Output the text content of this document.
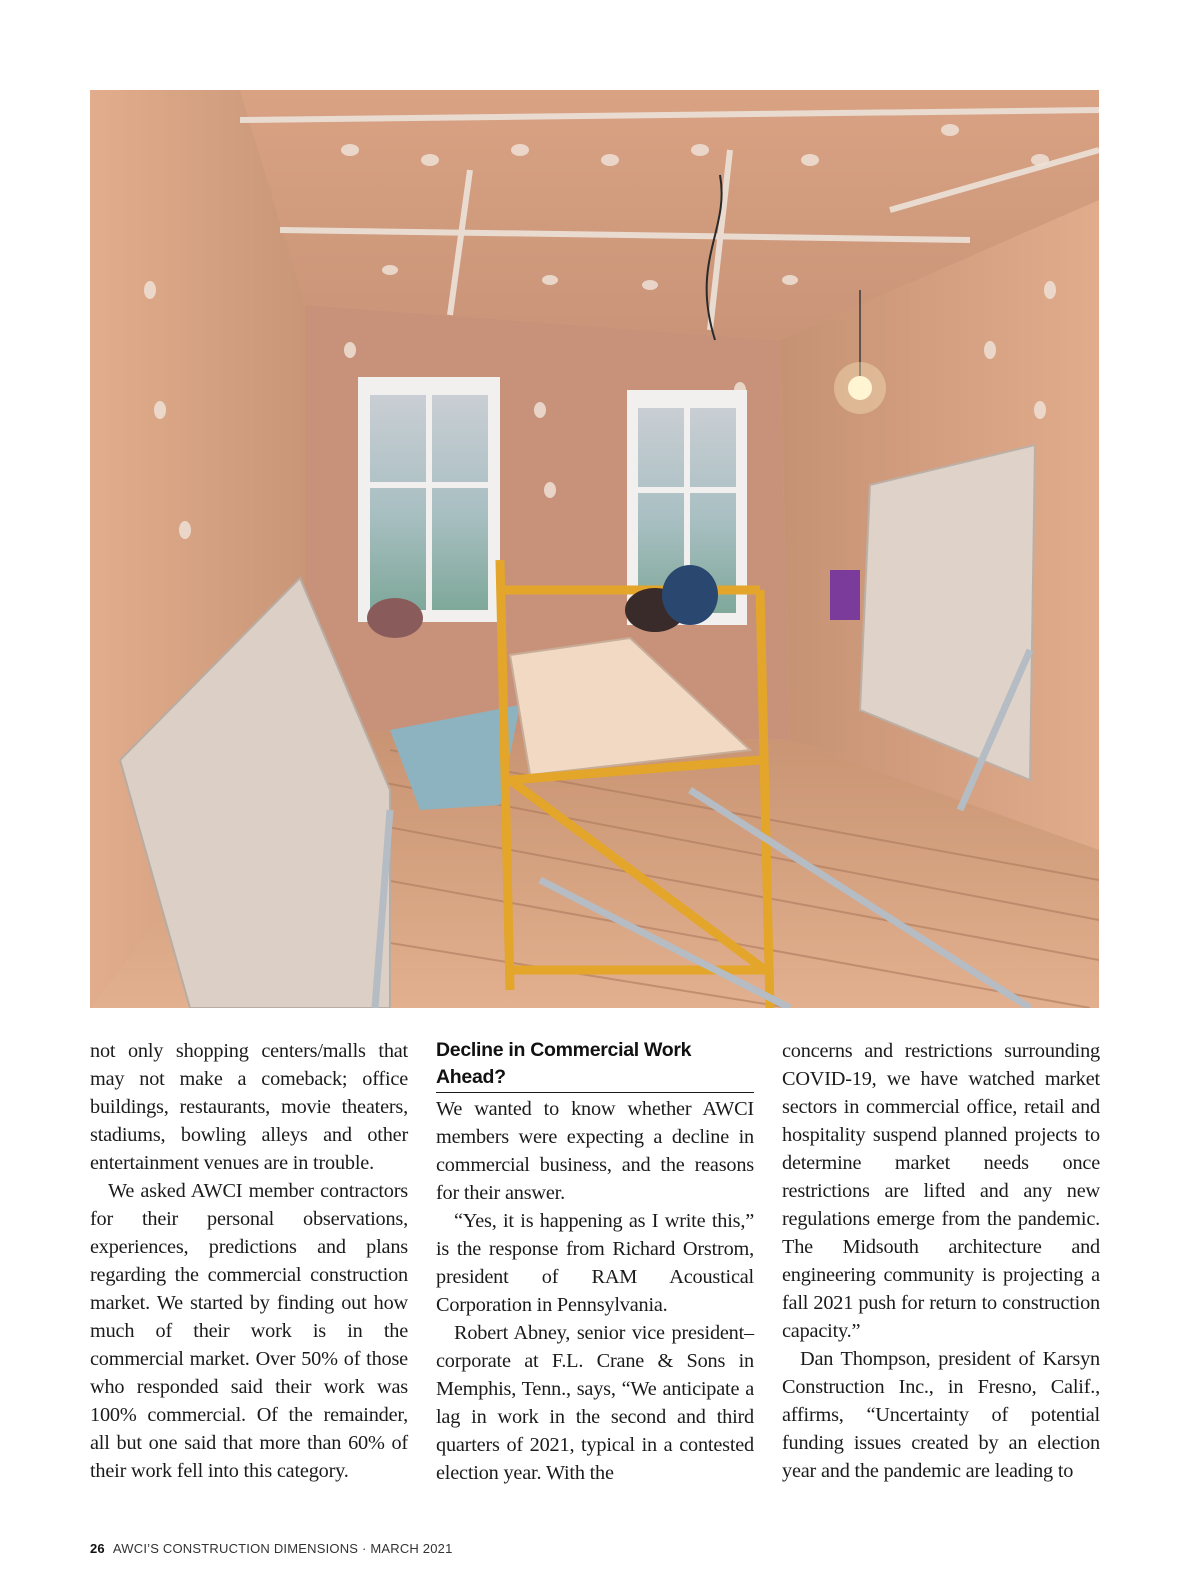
not only shopping centers/malls that may not make a comeback; office buildings, restaurants, movie theaters, stadiums, bowling alleys and other entertainment venues are in trouble.

We asked AWCI member contractors for their personal observations, experiences, predictions and plans regarding the commercial construction market. We started by finding out how much of their work is in the commercial market. Over 50% of those who responded said their work was 100% commercial. Of the remainder, all but one said that more than 60% of their work fell into this category.

Decline in Commercial Work Ahead?

We wanted to know whether AWCI members were expecting a decline in commercial business, and the reasons for their answer.

“Yes, it is happening as I write this,” is the response from Richard Orstrom, president of RAM Acoustical Corporation in Pennsylvania.

Robert Abney, senior vice president–corporate at F.L. Crane & Sons in Memphis, Tenn., says, “We anticipate a lag in work in the second and third quarters of 2021, typical in a contested election year. With the

concerns and restrictions surrounding COVID-19, we have watched market sectors in commercial office, retail and hospitality suspend planned projects to determine market needs once restrictions are lifted and any new regulations emerge from the pandemic. The Midsouth architecture and engineering community is projecting a fall 2021 push for return to construction capacity.”

Dan Thompson, president of Karsyn Construction Inc., in Fresno, Calif., affirms, “Uncertainty of potential funding issues created by an election year and the pandemic are leading to

26 AWCI’S CONSTRUCTION DIMENSIONS · MARCH 2021
